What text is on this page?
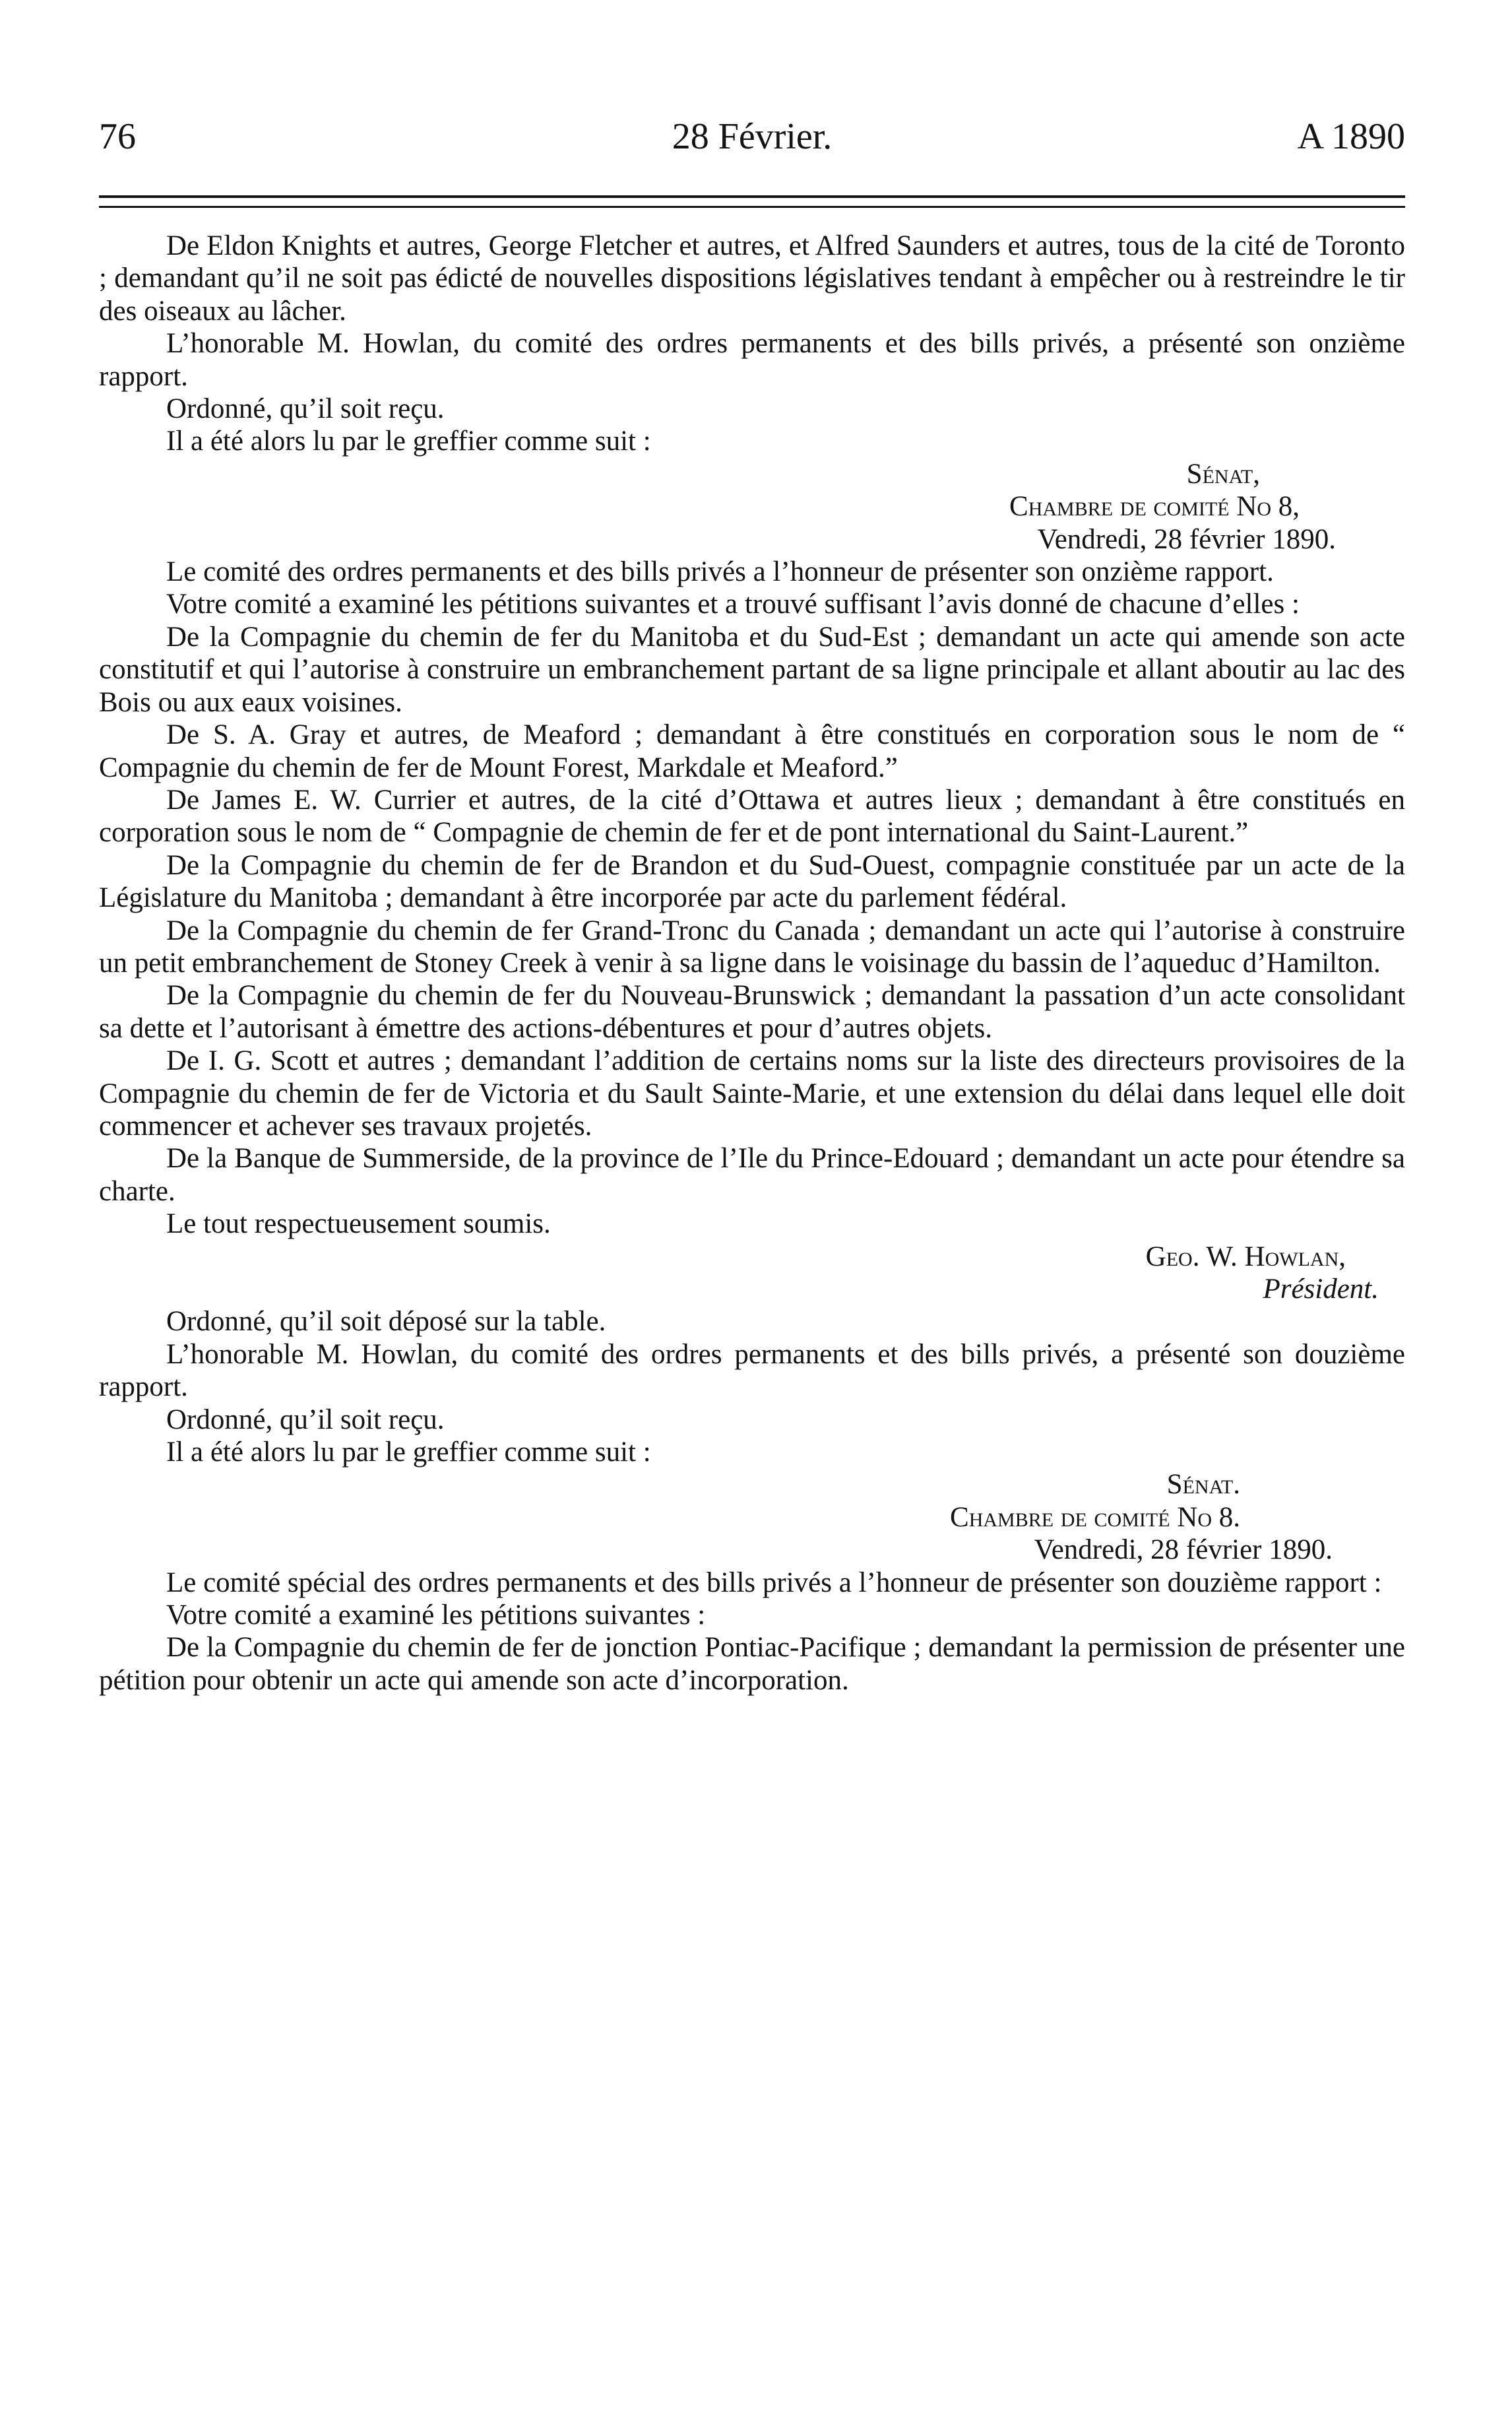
76	28 Février.	A 1890

De Eldon Knights et autres, George Fletcher et autres, et Alfred Saunders et autres, tous de la cité de Toronto ; demandant qu’il ne soit pas édicté de nouvelles dispositions législatives tendant à empêcher ou à restreindre le tir des oiseaux au lâcher.

L’honorable M. Howlan, du comité des ordres permanents et des bills privés, a présenté son onzième rapport.

Ordonné, qu’il soit reçu.

Il a été alors lu par le greffier comme suit :

Sénat,

Chambre de comité No 8,

Vendredi, 28 février 1890.

Le comité des ordres permanents et des bills privés a l’honneur de présenter son onzième rapport.

Votre comité a examiné les pétitions suivantes et a trouvé suffisant l’avis donné de chacune d’elles :

De la Compagnie du chemin de fer du Manitoba et du Sud-Est ; demandant un acte qui amende son acte constitutif et qui l’autorise à construire un embranchement partant de sa ligne principale et allant aboutir au lac des Bois ou aux eaux voisines.

De S. A. Gray et autres, de Meaford ; demandant à être constitués en corporation sous le nom de “ Compagnie du chemin de fer de Mount Forest, Markdale et Meaford.”

De James E. W. Currier et autres, de la cité d’Ottawa et autres lieux ; demandant à être constitués en corporation sous le nom de “ Compagnie de chemin de fer et de pont international du Saint-Laurent.”

De la Compagnie du chemin de fer de Brandon et du Sud-Ouest, compagnie constituée par un acte de la Législature du Manitoba ; demandant à être incorporée par acte du parlement fédéral.

De la Compagnie du chemin de fer Grand-Tronc du Canada ; demandant un acte qui l’autorise à construire un petit embranchement de Stoney Creek à venir à sa ligne dans le voisinage du bassin de l’aqueduc d’Hamilton.

De la Compagnie du chemin de fer du Nouveau-Brunswick ; demandant la passation d’un acte consolidant sa dette et l’autorisant à émettre des actions-débentures et pour d’autres objets.

De I. G. Scott et autres ; demandant l’addition de certains noms sur la liste des directeurs provisoires de la Compagnie du chemin de fer de Victoria et du Sault Sainte-Marie, et une extension du délai dans lequel elle doit commencer et achever ses travaux projetés.

De la Banque de Summerside, de la province de l’Ile du Prince-Edouard ; demandant un acte pour étendre sa charte.

Le tout respectueusement soumis.

Geo. W. Howlan,

Président.

Ordonné, qu’il soit déposé sur la table.

L’honorable M. Howlan, du comité des ordres permanents et des bills privés, a présenté son douzième rapport.

Ordonné, qu’il soit reçu.

Il a été alors lu par le greffier comme suit :

Sénat.

Chambre de comité No 8.

Vendredi, 28 février 1890.

Le comité spécial des ordres permanents et des bills privés a l’honneur de présenter son douzième rapport :

Votre comité a examiné les pétitions suivantes :

De la Compagnie du chemin de fer de jonction Pontiac-Pacifique ; demandant la permission de présenter une pétition pour obtenir un acte qui amende son acte d’incorporation.
